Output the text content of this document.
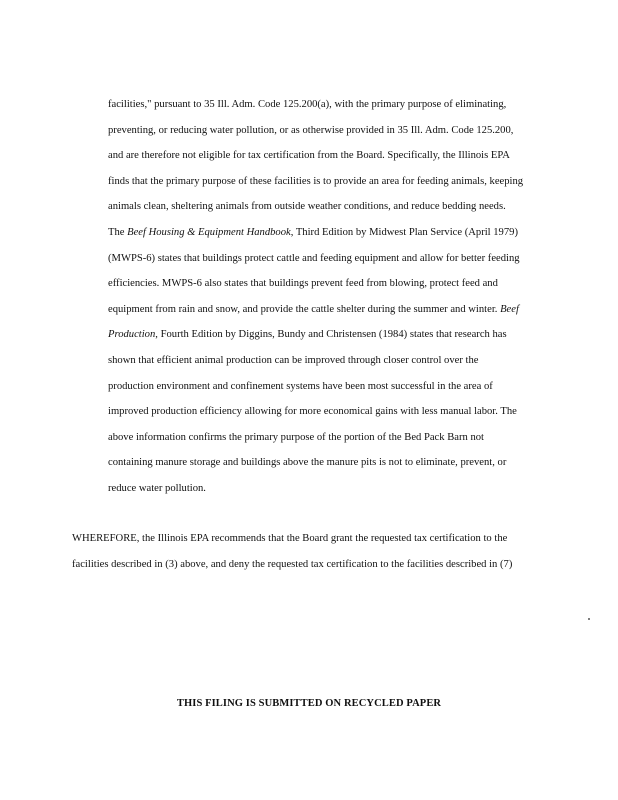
facilities," pursuant to 35 Ill. Adm. Code 125.200(a), with the primary purpose of eliminating,
preventing, or reducing water pollution, or as otherwise provided in 35 Ill. Adm. Code 125.200,
and are therefore not eligible for tax certification from the Board. Specifically, the Illinois EPA
finds that the primary purpose of these facilities is to provide an area for feeding animals, keeping
animals clean, sheltering animals from outside weather conditions, and reduce bedding needs.
The Beef Housing & Equipment Handbook, Third Edition by Midwest Plan Service (April 1979)
(MWPS-6) states that buildings protect cattle and feeding equipment and allow for better feeding
efficiencies. MWPS-6 also states that buildings prevent feed from blowing, protect feed and
equipment from rain and snow, and provide the cattle shelter during the summer and winter. Beef
Production, Fourth Edition by Diggins, Bundy and Christensen (1984) states that research has
shown that efficient animal production can be improved through closer control over the
production environment and confinement systems have been most successful in the area of
improved production efficiency allowing for more economical gains with less manual labor. The
above information confirms the primary purpose of the portion of the Bed Pack Barn not
containing manure storage and buildings above the manure pits is not to eliminate, prevent, or
reduce water pollution.
WHEREFORE, the Illinois EPA recommends that the Board grant the requested tax certification to the
facilities described in (3) above, and deny the requested tax certification to the facilities described in (7)
THIS FILING IS SUBMITTED ON RECYCLED PAPER
